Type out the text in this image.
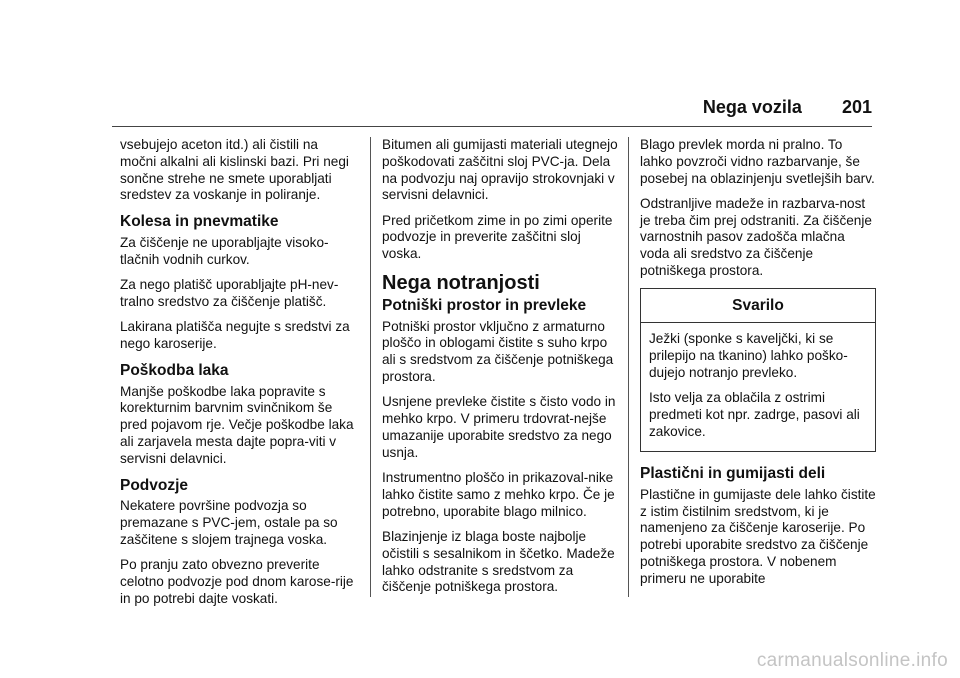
Nega vozila 201

vsebujejo aceton itd.) ali čistili na močni alkalni ali kislinski bazi. Pri negi sončne strehe ne smete uporabljati sredstev za voskanje in poliranje.

Kolesa in pnevmatike

Za čiščenje ne uporabljajte visoko-tlačnih vodnih curkov.

Za nego platišč uporabljajte pH-nev-tralno sredstvo za čiščenje platišč.

Lakirana platišča negujte s sredstvi za nego karoserije.

Poškodba laka

Manjše poškodbe laka popravite s korekturnim barvnim svinčnikom še pred pojavom rje. Večje poškodbe laka ali zarjavela mesta dajte popra-viti v servisni delavnici.

Podvozje

Nekatere površine podvozja so premazane s PVC-jem, ostale pa so zaščitene s slojem trajnega voska.

Po pranju zato obvezno preverite celotno podvozje pod dnom karose-rije in po potrebi dajte voskati.

Bitumen ali gumijasti materiali utegnejo poškodovati zaščitni sloj PVC-ja. Dela na podvozju naj opravijo strokovnjaki v servisni delavnici.

Pred pričetkom zime in po zimi operite podvozje in preverite zaščitni sloj voska.

Nega notranjosti
Potniški prostor in prevleke

Potniški prostor vključno z armaturno ploščo in oblogami čistite s suho krpo ali s sredstvom za čiščenje potniškega prostora.

Usnjene prevleke čistite s čisto vodo in mehko krpo. V primeru trdovrat-nejše umazanije uporabite sredstvo za nego usnja.

Instrumentno ploščo in prikazoval-nike lahko čistite samo z mehko krpo. Če je potrebno, uporabite blago milnico.

Blazinjenje iz blaga boste najbolje očistili s sesalnikom in ščetko. Madeže lahko odstranite s sredstvom za čiščenje potniškega prostora.

Blago prevlek morda ni pralno. To lahko povzroči vidno razbarvanje, še posebej na oblazinjenju svetlejših barv.

Odstranljive madeže in razbarva-nost je treba čim prej odstraniti. Za čiščenje varnostnih pasov zadošča mlačna voda ali sredstvo za čiščenje potniškega prostora.

Svarilo

Ježki (sponke s kaveljčki, ki se prilepijo na tkanino) lahko poško-dujejo notranjo prevleko.

Isto velja za oblačila z ostrimi predmeti kot npr. zadrge, pasovi ali zakovice.

Plastični in gumijasti deli

Plastične in gumijaste dele lahko čistite z istim čistilnim sredstvom, ki je namenjeno za čiščenje karoserije. Po potrebi uporabite sredstvo za čiščenje potniškega prostora. V nobenem primeru ne uporabite

carmanualsonline.info
